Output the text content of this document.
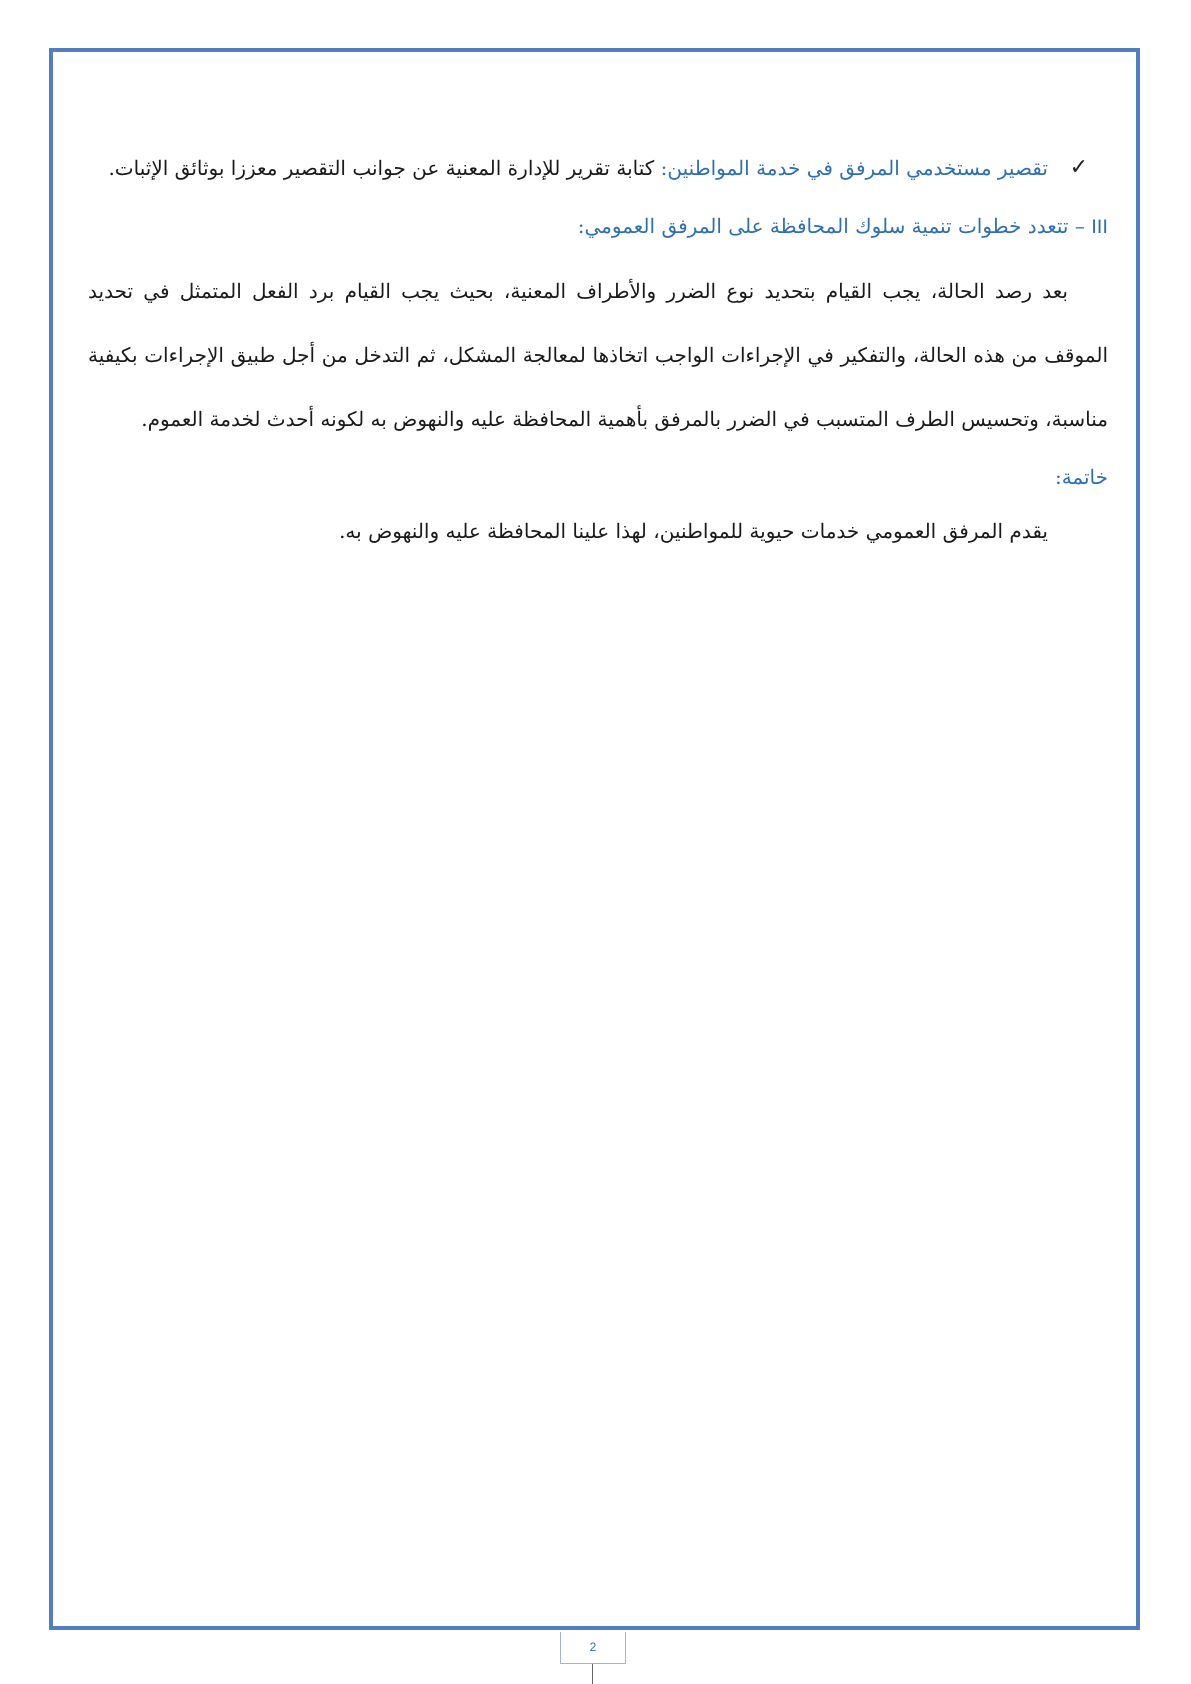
✓
تقصير مستخدمي المرفق في خدمة المواطنين: كتابة تقرير للإدارة المعنية عن جوانب التقصير معززا بوثائق الإثبات.
III – تتعدد خطوات تنمية سلوك المحافظة على المرفق العمومي:

بعد رصد الحالة، يجب القيام بتحديد نوع الضرر والأطراف المعنية، بحيث يجب القيام برد الفعل المتمثل في تحديد الموقف من هذه الحالة، والتفكير في الإجراءات الواجب اتخاذها لمعالجة المشكل، ثم التدخل من أجل طبيق الإجراءات بكيفية مناسبة، وتحسيس الطرف المتسبب في الضرر بالمرفق بأهمية المحافظة عليه والنهوض به لكونه أحدث لخدمة العموم.

خاتمة:
يقدم المرفق العمومي خدمات حيوية للمواطنين، لهذا علينا المحافظة عليه والنهوض به.
2
